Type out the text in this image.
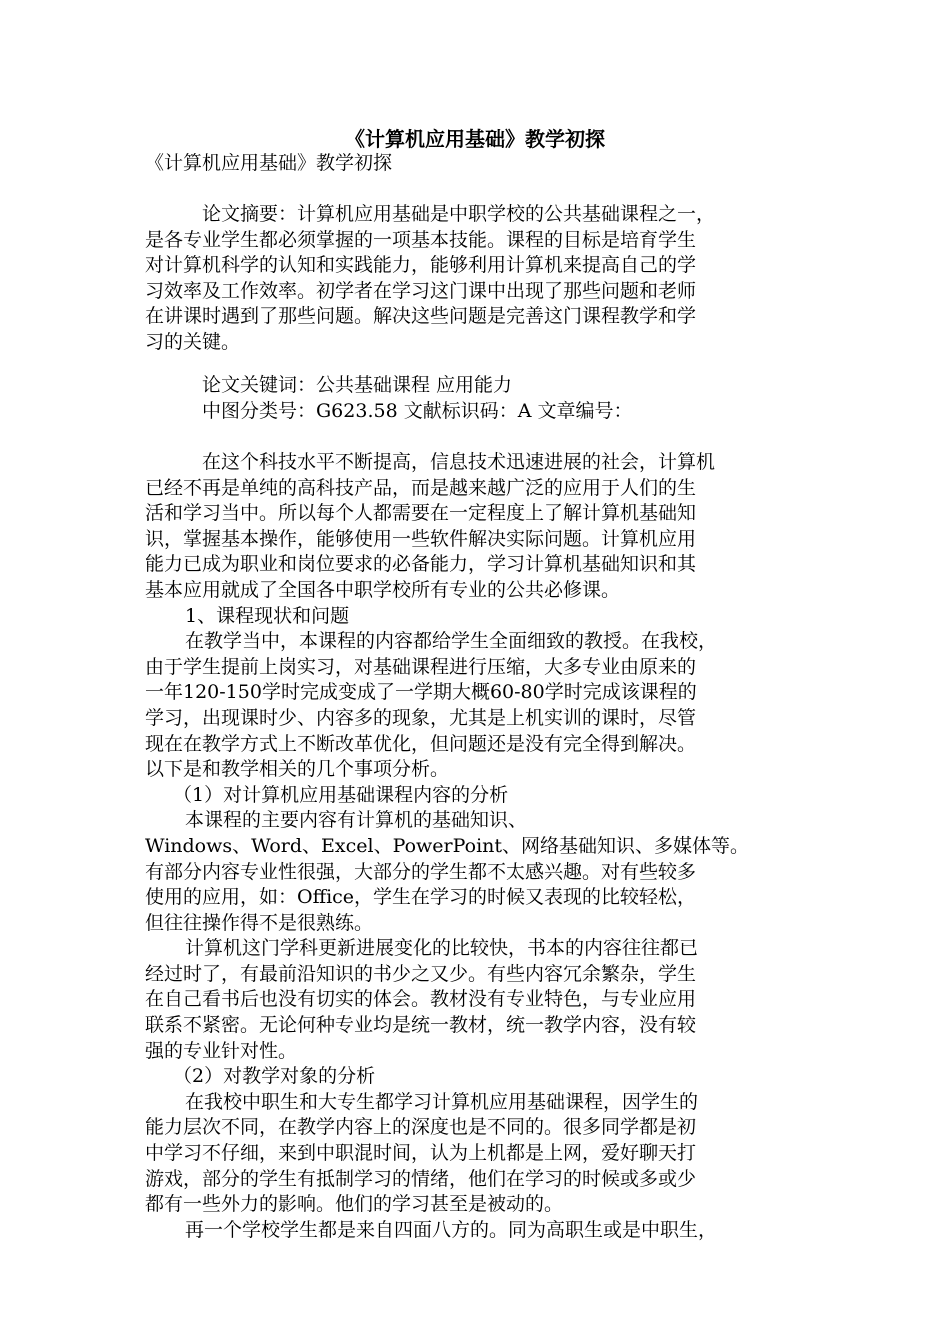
《计算机应用基础》教学初探
《计算机应用基础》教学初探
论文摘要：计算机应用基础是中职学校的公共基础课程之一，
是各专业学生都必须掌握的一项基本技能。课程的目标是培育学生
对计算机科学的认知和实践能力，能够利用计算机来提高自己的学
习效率及工作效率。初学者在学习这门课中出现了那些问题和老师
在讲课时遇到了那些问题。解决这些问题是完善这门课程教学和学
习的关键。
论文关键词：公共基础课程 应用能力
中图分类号：G623.58 文献标识码：A 文章编号：
在这个科技水平不断提高，信息技术迅速进展的社会，计算机
已经不再是单纯的高科技产品，而是越来越广泛的应用于人们的生
活和学习当中。所以每个人都需要在一定程度上了解计算机基础知
识，掌握基本操作，能够使用一些软件解决实际问题。计算机应用
能力已成为职业和岗位要求的必备能力，学习计算机基础知识和其
基本应用就成了全国各中职学校所有专业的公共必修课。
1、课程现状和问题
在教学当中，本课程的内容都给学生全面细致的教授。在我校，
由于学生提前上岗实习，对基础课程进行压缩，大多专业由原来的
一年120-150学时完成变成了一学期大概60-80学时完成该课程的
学习，出现课时少、内容多的现象，尤其是上机实训的课时，尽管
现在在教学方式上不断改革优化，但问题还是没有完全得到解决。
以下是和教学相关的几个事项分析。
（1）对计算机应用基础课程内容的分析
本课程的主要内容有计算机的基础知识、
Windows、Word、Excel、PowerPoint、网络基础知识、多媒体等。
有部分内容专业性很强，大部分的学生都不太感兴趣。对有些较多
使用的应用，如：Office，学生在学习的时候又表现的比较轻松，
但往往操作得不是很熟练。
计算机这门学科更新进展变化的比较快，书本的内容往往都已
经过时了，有最前沿知识的书少之又少。有些内容冗余繁杂，学生
在自己看书后也没有切实的体会。教材没有专业特色，与专业应用
联系不紧密。无论何种专业均是统一教材，统一教学内容，没有较
强的专业针对性。
（2）对教学对象的分析
在我校中职生和大专生都学习计算机应用基础课程，因学生的
能力层次不同，在教学内容上的深度也是不同的。很多同学都是初
中学习不仔细，来到中职混时间，认为上机都是上网，爱好聊天打
游戏，部分的学生有抵制学习的情绪，他们在学习的时候或多或少
都有一些外力的影响。他们的学习甚至是被动的。
再一个学校学生都是来自四面八方的。同为高职生或是中职生，
